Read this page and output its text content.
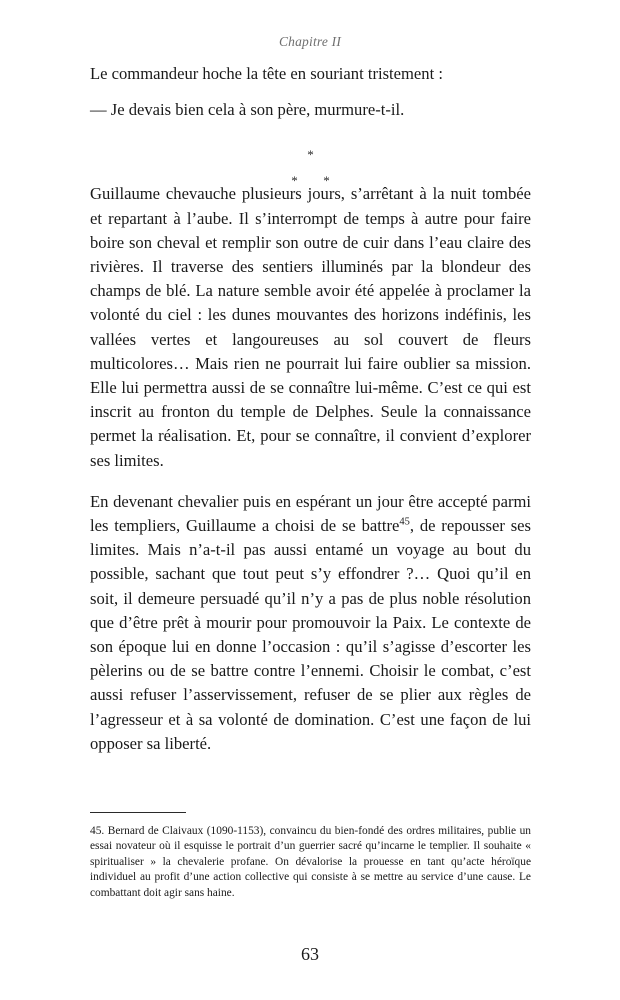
Chapitre II

Le commandeur hoche la tête en souriant tristement :

— Je devais bien cela à son père, murmure-t-il.

*
* *

Guillaume chevauche plusieurs jours, s’arrêtant à la nuit tombée et repartant à l’aube. Il s’interrompt de temps à autre pour faire boire son cheval et remplir son outre de cuir dans l’eau claire des rivières. Il traverse des sentiers illuminés par la blondeur des champs de blé. La nature semble avoir été appelée à proclamer la volonté du ciel : les dunes mouvantes des horizons indéfinis, les vallées vertes et langoureuses au sol couvert de fleurs multicolores… Mais rien ne pourrait lui faire oublier sa mission. Elle lui permettra aussi de se connaître lui-même. C’est ce qui est inscrit au fronton du temple de Delphes. Seule la connaissance permet la réalisation. Et, pour se connaître, il convient d’explorer ses limites.

En devenant chevalier puis en espérant un jour être accepté parmi les templiers, Guillaume a choisi de se battre$^{45}$, de repousser ses limites. Mais n’a-t-il pas aussi entamé un voyage au bout du possible, sachant que tout peut s’y effondrer ?… Quoi qu’il en soit, il demeure persuadé qu’il n’y a pas de plus noble résolution que d’être prêt à mourir pour promouvoir la Paix. Le contexte de son époque lui en donne l’occasion : qu’il s’agisse d’escorter les pèlerins ou de se battre contre l’ennemi. Choisir le combat, c’est aussi refuser l’asservissement, refuser de se plier aux règles de l’agresseur et à sa volonté de domination. C’est une façon de lui opposer sa liberté.

45. Bernard de Claivaux (1090-1153), convaincu du bien-fondé des ordres militaires, publie un essai novateur où il esquisse le portrait d’un guerrier sacré qu’incarne le templier. Il souhaite « spiritualiser » la chevalerie profane. On dévalorise la prouesse en tant qu’acte héroïque individuel au profit d’une action collective qui consiste à se mettre au service d’une cause. Le combattant doit agir sans haine.

63
